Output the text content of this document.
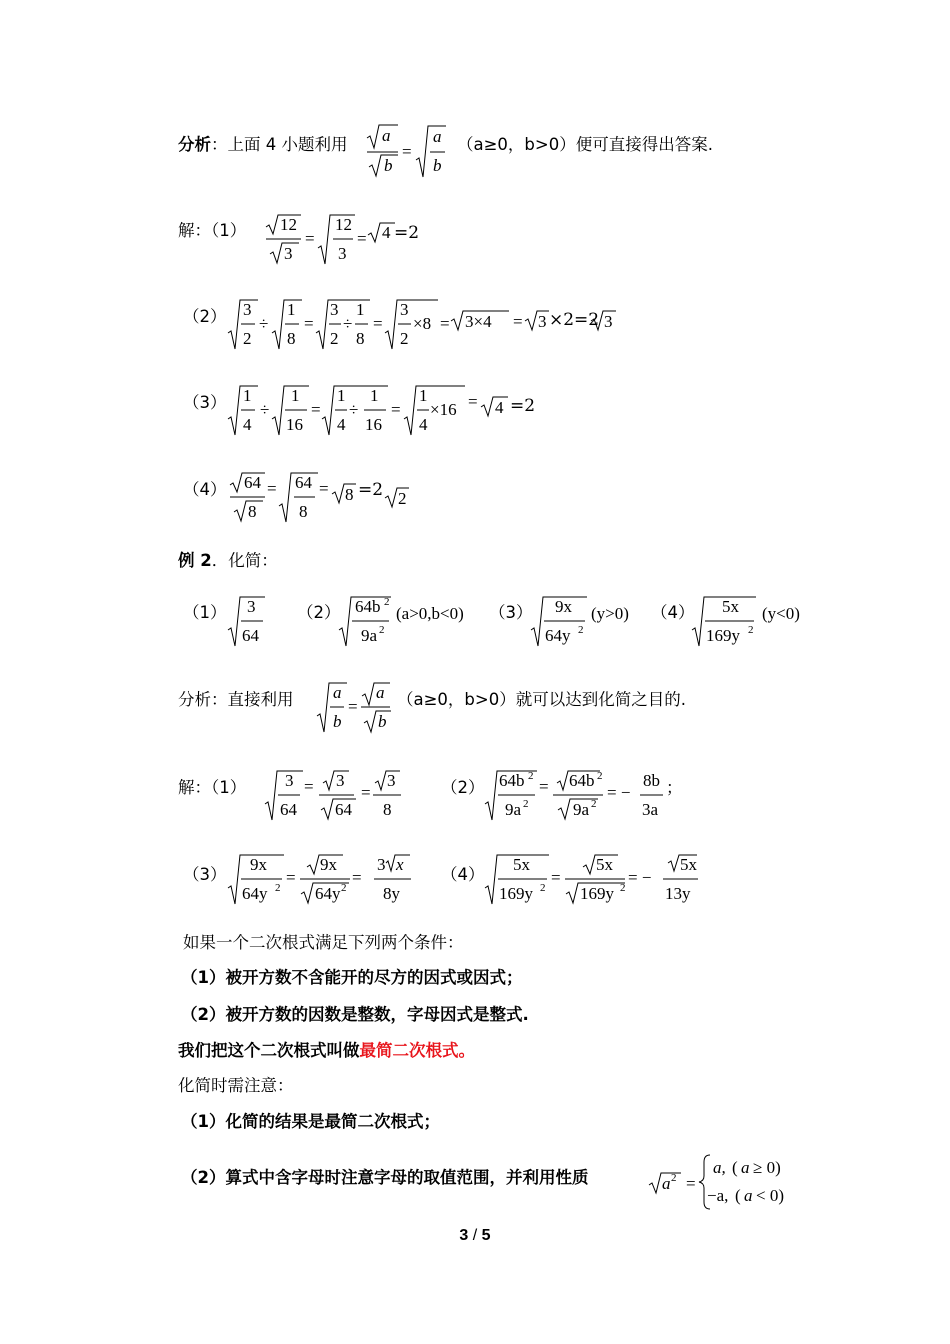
分析：上面 4 小题利用 a
b
=
a
b
（a≥0，b>0）便可直接得出答案.
解：（1） 12
3
=
12
3
= 4 =2
（2） 3
2
÷
1
8
=
3
2
÷
1
8
=
3
2
×8 = 3×4 = 3	3
×2=2
（3） 1
4
÷
1
16
=
1
4
÷
1
16
=
1
4
×16 = 4 =2
（4） 64
8
= 64
8
= 8	2
=2
例 2．化简：
（1） 3
64
（2） 64b 2
9a 2
(a>0,b<0) （3） 9x
64y 2
(y>0) （4） 5x
169y 2
(y<0)
分析：直接利用 a
b
=
a
b
（a≥0，b>0）就可以达到化简之目的.
解：（1） 3
64
= 3
64
=
3
8
（2） 64b 2
9a 2
= 64b 2
9a 2
= −
8b
3a
；
（3）
9x
64y 2
=
9x
64y 2
=
3 x
8y
（4）
5x
169y 2
=
5x
169y 2
= −
5x
13y
如果一个二次根式满足下列两个条件：
（1）被开方数不含能开的尽方的因式或因式；
（2）被开方数的因数是整数，字母因式是整式.
我们把这个二次根式叫做最简二次根式。
化简时需注意：
（1）化简的结果是最简二次根式；
（2）算式中含字母时注意字母的取值范围，并利用性质	a 2 =
a, ( a ≥ 0)
−a, ( a < 0)
3 / 5
